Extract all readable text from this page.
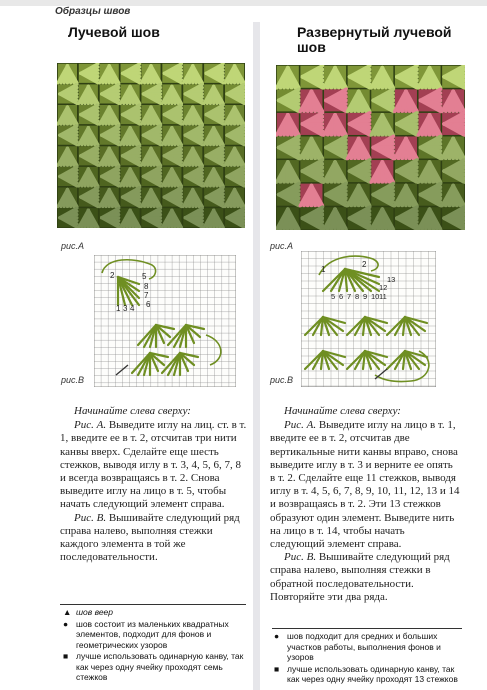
Образцы швов
Лучевой шов
рис.А
рис.В
2	5
8
7
6
1 3 4

Начинайте слева сверху:

Рис. А. Выведите иглу на лиц. ст. в т. 1, введите ее в т. 2, отсчитав три нити канвы вверх. Сделайте еще шесть стежков, выводя иглу в т. 3, 4, 5, 6, 7, 8 и всегда возвращаясь в т. 2. Снова выведите иглу на лицо в т. 5, чтобы начать следующий элемент справа.

Рис. В. Вышивайте следующий ряд справа налево, выполняя стежки каждого элемента в той же последовательности.

▲ шов веер
● шов состоит из маленьких квадратных элементов, подходит для фонов и геометрических узоров
■ лучше использовать одинарную канву, так как через одну ячейку проходят семь стежков
Развернутый лучевой шов
рис.А
рис.В
1
2
5 6 7 8 9 10 11
12
13

Начинайте слева сверху:

Рис. А. Выведите иглу на лицо в т. 1, введите ее в т. 2, отсчитав две вертикальные нити канвы вправо, снова выведите иглу в т. 3 и верните ее опять в т. 2. Сделайте еще 11 стежков, выводя иглу в т. 4, 5, 6, 7, 8, 9, 10, 11, 12, 13 и 14 и возвращаясь в т. 2. Эти 13 стежков образуют один элемент. Выведите нить на лицо в т. 14, чтобы начать следующий элемент справа.

Рис. В. Вышивайте следующий ряд справа налево, выполняя стежки в обратной последовательности. Повторяйте эти два ряда.

● шов подходит для средних и больших участков работы, выполнения фонов и узоров
■ лучше использовать одинарную канву, так как через одну ячейку проходят 13 стежков
